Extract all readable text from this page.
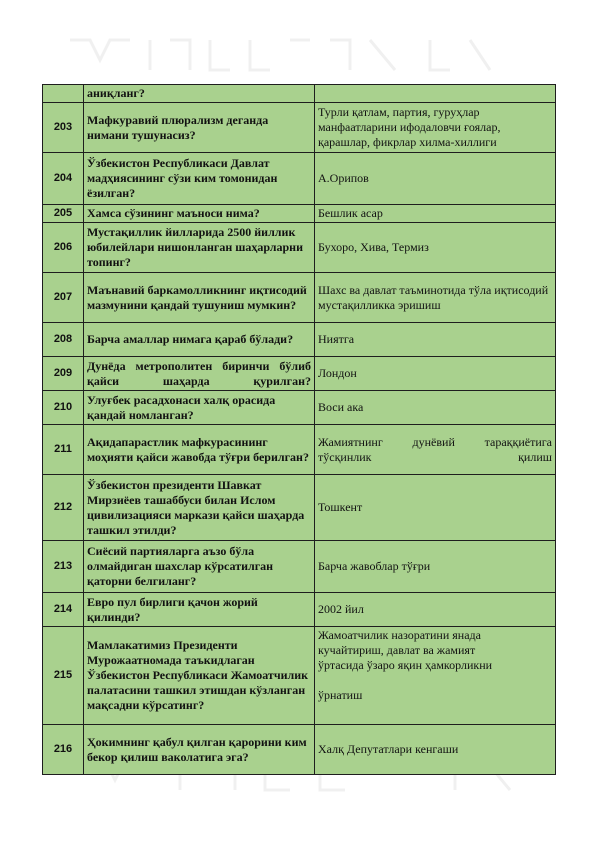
	аниқланг?	
203	Мафкуравий плюрализм деганда нимани тушунасиз?	Турли қатлам, партия, гуруҳлар манфаатларини ифодаловчи ғоялар, қарашлар, фикрлар хилма-хиллиги
204	Ўзбекистон Республикаси Давлат мадҳиясининг сўзи ким томонидан ёзилган?	А.Орипов
205	Хамса сўзининг маъноси нима?	Бешлик асар
206	Мустақиллик йилларида 2500 йиллик юбилейлари нишонланган шаҳарларни топинг?	Бухоро, Хива, Термиз
207	Маънавий баркамолликнинг иқтисодий мазмунини қандай тушуниш мумкин?	Шахс ва давлат таъминотида тўла иқтисодий мустақилликка эришиш
208	Барча амаллар нимага қараб бўлади?	Ниятга
209	Дунёда метрополитен биринчи бўлиб қайси шаҳарда қурилган?	Лондон
210	Улуғбек расадхонаси халқ орасида қандай номланган?	Воси ака
211	Ақидапарастлик мафкурасининг моҳияти қайси жавобда тўғри берилган?	Жамиятнинг дунёвий тараққиётига тўсқинлик қилиш
212	Ўзбекистон президенти Шавкат Мирзиёев ташаббуси билан Ислом цивилизацияси маркази қайси шаҳарда ташкил этилди?	Тошкент
213	Сиёсий партияларга аъзо бўла олмайдиган шахслар кўрсатилган қаторни белгиланг?	Барча жавоблар тўғри
214	Евро пул бирлиги қачон жорий қилинди?	2002 йил
215	Мамлакатимиз Президенти Мурожаатномада таъкидлаган Ўзбекистон Республикаси Жамоатчилик палатасини ташкил этишдан кўзланган мақсадни кўрсатинг?	Жамоатчилик назоратини янада
кучайтириш, давлат ва жамият
ўртасида ўзаро яқин ҳамкорликни

ўрнатиш

216	Ҳокимнинг қабул қилган қарорини ким бекор қилиш ваколатига эга?	Халқ Депутатлари кенгаши
